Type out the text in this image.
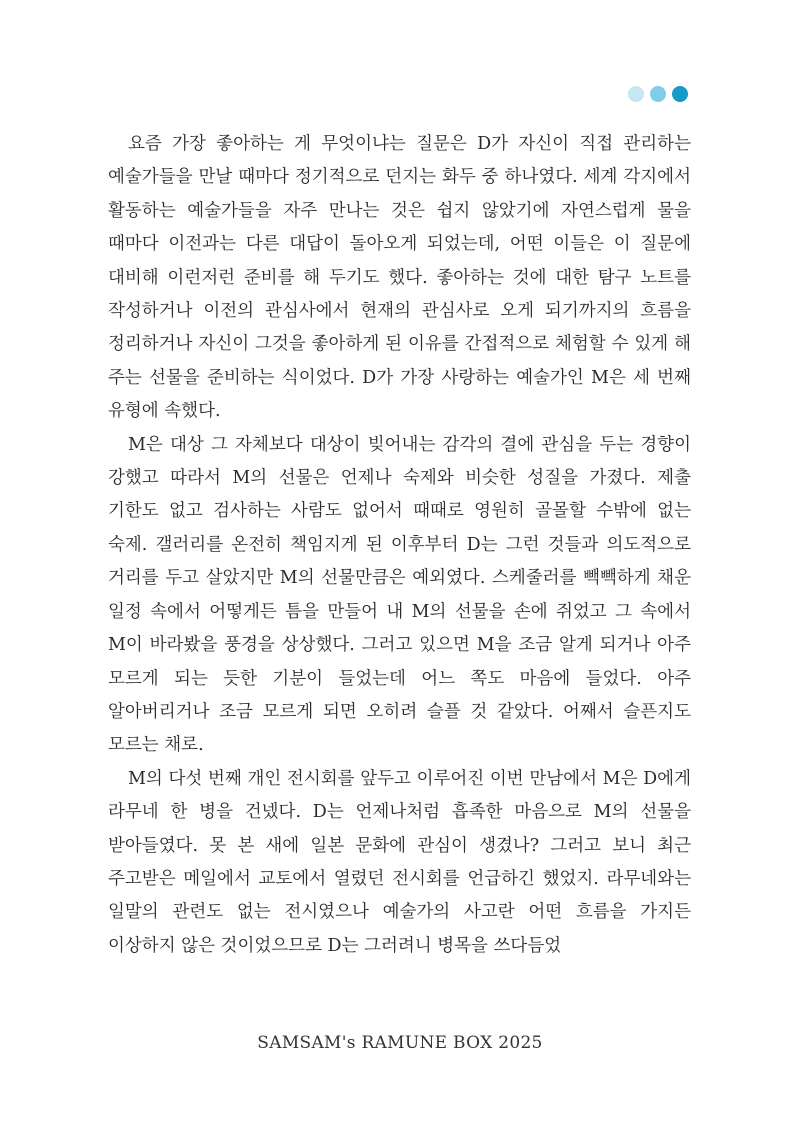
요즘 가장 좋아하는 게 무엇이냐는 질문은 D가 자신이 직접 관리하는 예술가들을 만날 때마다 정기적으로 던지는 화두 중 하나였다. 세계 각지에서 활동하는 예술가들을 자주 만나는 것은 쉽지 않았기에 자연스럽게 물을 때마다 이전과는 다른 대답이 돌아오게 되었는데, 어떤 이들은 이 질문에 대비해 이런저런 준비를 해 두기도 했다. 좋아하는 것에 대한 탐구 노트를 작성하거나 이전의 관심사에서 현재의 관심사로 오게 되기까지의 흐름을 정리하거나 자신이 그것을 좋아하게 된 이유를 간접적으로 체험할 수 있게 해 주는 선물을 준비하는 식이었다. D가 가장 사랑하는 예술가인 M은 세 번째 유형에 속했다.

M은 대상 그 자체보다 대상이 빚어내는 감각의 결에 관심을 두는 경향이 강했고 따라서 M의 선물은 언제나 숙제와 비슷한 성질을 가졌다. 제출 기한도 없고 검사하는 사람도 없어서 때때로 영원히 골몰할 수밖에 없는 숙제. 갤러리를 온전히 책임지게 된 이후부터 D는 그런 것들과 의도적으로 거리를 두고 살았지만 M의 선물만큼은 예외였다. 스케줄러를 빽빽하게 채운 일정 속에서 어떻게든 틈을 만들어 내 M의 선물을 손에 쥐었고 그 속에서 M이 바라봤을 풍경을 상상했다. 그러고 있으면 M을 조금 알게 되거나 아주 모르게 되는 듯한 기분이 들었는데 어느 쪽도 마음에 들었다. 아주 알아버리거나 조금 모르게 되면 오히려 슬플 것 같았다. 어째서 슬픈지도 모르는 채로.

M의 다섯 번째 개인 전시회를 앞두고 이루어진 이번 만남에서 M은 D에게 라무네 한 병을 건넸다. D는 언제나처럼 흡족한 마음으로 M의 선물을 받아들였다. 못 본 새에 일본 문화에 관심이 생겼나? 그러고 보니 최근 주고받은 메일에서 교토에서 열렸던 전시회를 언급하긴 했었지. 라무네와는 일말의 관련도 없는 전시였으나 예술가의 사고란 어떤 흐름을 가지든 이상하지 않은 것이었으므로 D는 그러려니 병목을 쓰다듬었

SAMSAM's RAMUNE BOX 2025
